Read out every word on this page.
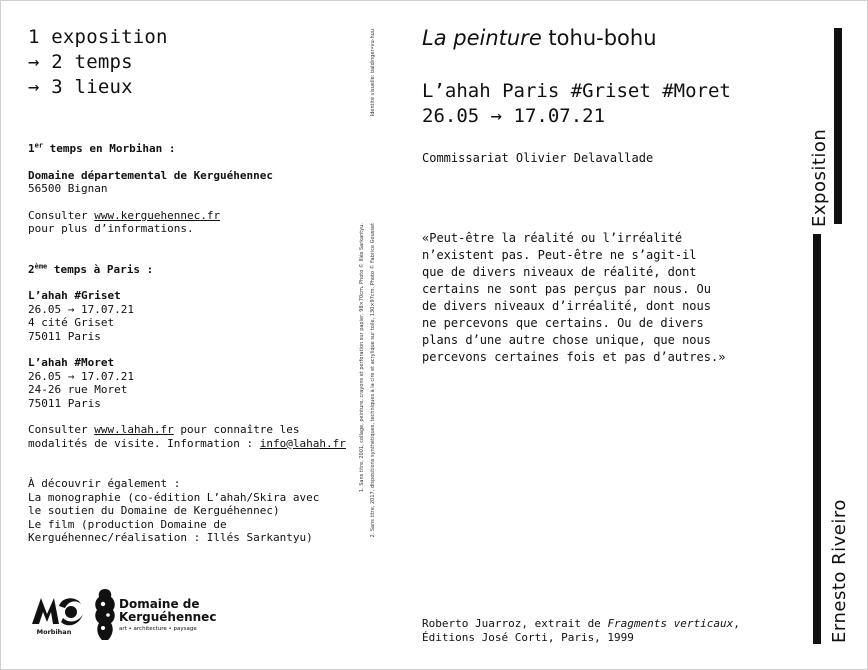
1 exposition
→ 2 temps
→ 3 lieux
1er temps en Morbihan :
Domaine départemental de Kerguéhennec
56500 Bignan
Consulter www.kerguehennec.fr
pour plus d’informations.
2ème temps à Paris :
L’ahah #Griset
26.05 → 17.07.21
4 cité Griset
75011 Paris
L’ahah #Moret
26.05 → 17.07.21
24-26 rue Moret
75011 Paris
Consulter www.lahah.fr pour connaître les
modalités de visite. Information : info@lahah.fr
À découvrir également :
La monographie (co-édition L’ahah/Skira avec
le soutien du Domaine de Kerguéhennec)
Le film (production Domaine de
Kerguéhennec/réalisation : Illés Sarkantyu)
Identité visuelle: baldinger•vu-huu
1. Sans titre, 2001, collage, peinture, crayons et perforation sur papier, 98×70cm. Photo © Illés Sarkantyu.	2. Sans titre, 2017, dispositions synthétiques, techniques à la cire et acrylique sur toile, 130×97cm. Photo © Fabrice Gousset
La peinture tohu-bohu
L’ahah Paris #Griset #Moret
26.05 → 17.07.21
Commissariat Olivier Delavallade
«Peut-être la réalité ou l’irréalité
n’existent pas. Peut-être ne s’agit-il
que de divers niveaux de réalité, dont
certains ne sont pas perçus par nous. Ou
de divers niveaux d’irréalité, dont nous
ne percevons que certains. Ou de divers
plans d’une autre chose unique, que nous
percevons certaines fois et pas d’autres.»
Roberto Juarroz, extrait de Fragments verticaux,
Éditions José Corti, Paris, 1999
Exposition
Ernesto Riveiro
Morbihan
Domaine de
Kerguéhennec
art • architecture • paysage
